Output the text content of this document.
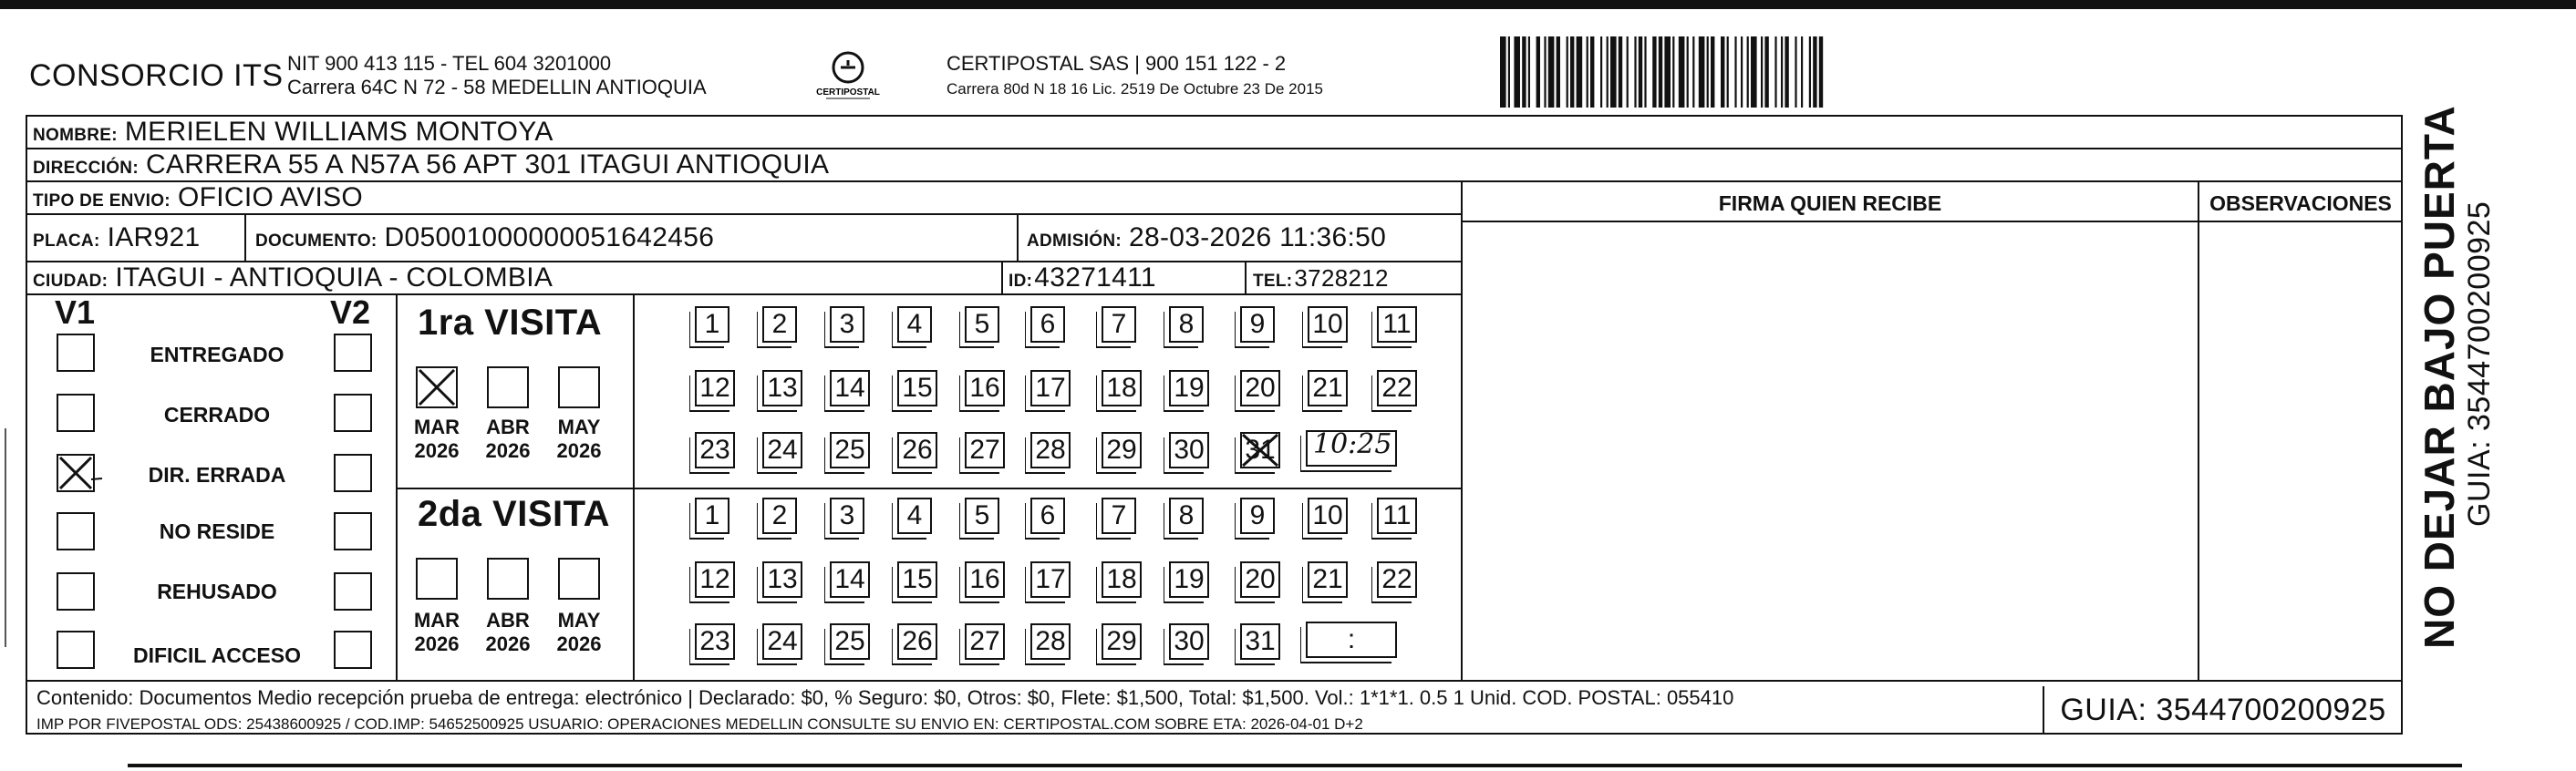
CONSORCIO ITS NIT 900 413 115 - TEL 604 3201000
Carrera 64C N 72 - 58 MEDELLIN ANTIOQUIA	CERTIPOSTAL
CERTIPOSTAL SAS | 900 151 122 - 2
Carrera 80d N 18 16 Lic. 2519 De Octubre 23 De 2015
NOMBRE: MERIELEN WILLIAMS MONTOYA
DIRECCIÓN: CARRERA 55 A N57A 56 APT 301 ITAGUI ANTIOQUIA
TIPO DE ENVIO: OFICIO AVISO	FIRMA QUIEN RECIBE	OBSERVACIONES
PLACA: IAR921	DOCUMENTO: D05001000000051642456	ADMISIÓN: 28-03-2026 11:36:50
CIUDAD: ITAGUI - ANTIOQUIA - COLOMBIA	ID: 43271411	TEL: 3728212
V1	V2
ENTREGADO
CERRADO
DIR. ERRADA
NO RESIDE
REHUSADO
DIFICIL ACCESO
1ra VISITA
MAR
2026
ABR
2026
MAY
2026
1	2	3	4	5	6	7	8	9	10 11
12 13 14 15 16 17 18 19 20 21 22
23 24 25 26 27 28 29 30 31 10:25
2da VISITA
MAR
2026
ABR
2026
MAY
2026
1	2	3	4	5	6	7	8	9	10 11
12 13 14 15 16 17 18 19 20 21 22
23 24 25 26 27 28 29 30 31	:
Contenido: Documentos Medio recepción prueba de entrega: electrónico | Declarado: $0, % Seguro: $0, Otros: $0, Flete: $1,500, Total: $1,500. Vol.: 1*1*1. 0.5 1 Unid. COD. POSTAL: 055410
IMP POR FIVEPOSTAL ODS: 25438600925 / COD.IMP: 54652500925 USUARIO: OPERACIONES MEDELLIN CONSULTE SU ENVIO EN: CERTIPOSTAL.COM SOBRE ETA: 2026-04-01 D+2	GUIA: 3544700200925
NO DEJAR BAJO PUERTA GUIA: 3544700200925
